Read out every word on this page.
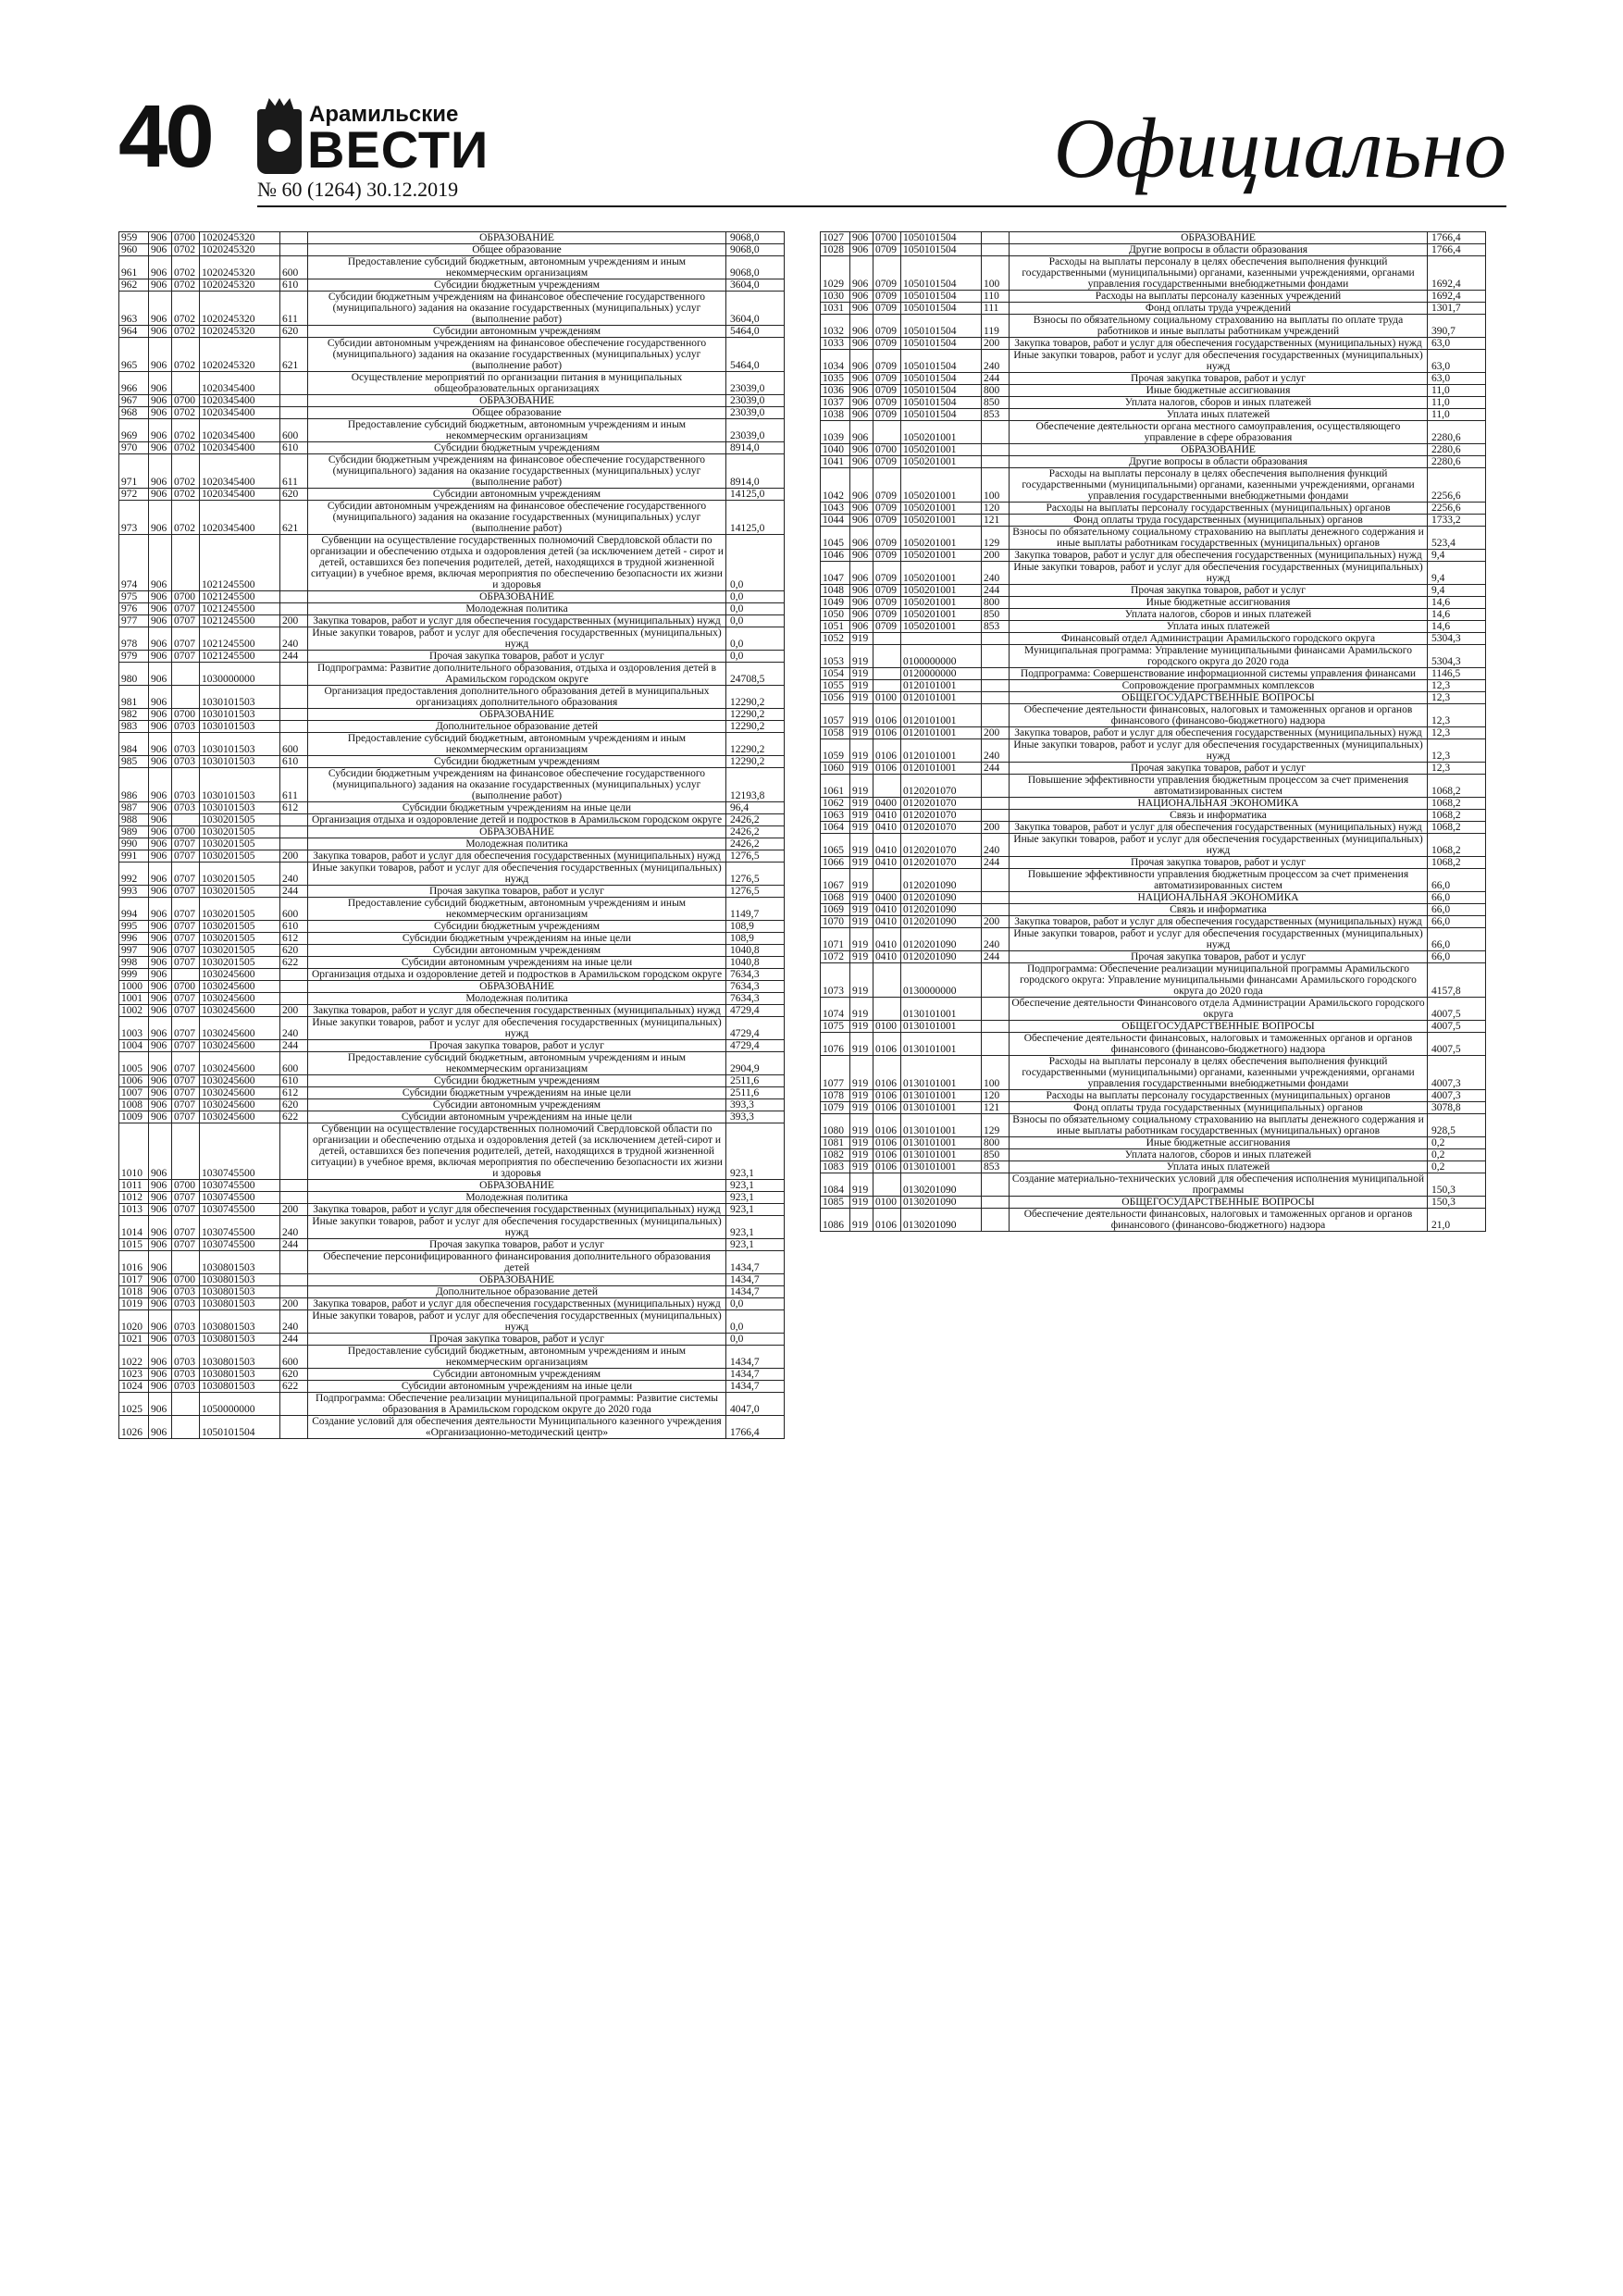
40	Арамильские
ВЕСТИ
№ 60 (1264) 30.12.2019	Официально
959	906	0700	1020245320		ОБРАЗОВАНИЕ	9068,0
960	906	0702	1020245320		Общее образование	9068,0
961	906	0702	1020245320	600	Предоставление субсидий бюджетным, автономным учреждениям и иным некоммерческим организациям	9068,0
962	906	0702	1020245320	610	Субсидии бюджетным учреждениям	3604,0
963	906	0702	1020245320	611	Субсидии бюджетным учреждениям на финансовое обеспечение государственного (муниципального) задания на оказание государственных (муниципальных) услуг (выполнение работ)	3604,0
964	906	0702	1020245320	620	Субсидии автономным учреждениям	5464,0
965	906	0702	1020245320	621	Субсидии автономным учреждениям на финансовое обеспечение государственного (муниципального) задания на оказание государственных (муниципальных) услуг (выполнение работ)	5464,0
966	906		1020345400		Осуществление мероприятий по организации питания в муниципальных общеобразовательных организациях	23039,0
967	906	0700	1020345400		ОБРАЗОВАНИЕ	23039,0
968	906	0702	1020345400		Общее образование	23039,0
969	906	0702	1020345400	600	Предоставление субсидий бюджетным, автономным учреждениям и иным некоммерческим организациям	23039,0
970	906	0702	1020345400	610	Субсидии бюджетным учреждениям	8914,0
971	906	0702	1020345400	611	Субсидии бюджетным учреждениям на финансовое обеспечение государственного (муниципального) задания на оказание государственных (муниципальных) услуг (выполнение работ)	8914,0
972	906	0702	1020345400	620	Субсидии автономным учреждениям	14125,0
973	906	0702	1020345400	621	Субсидии автономным учреждениям на финансовое обеспечение государственного (муниципального) задания на оказание государственных (муниципальных) услуг (выполнение работ)	14125,0
974	906		1021245500		Субвенции на осуществление государственных полномочий Свердловской области по организации и обеспечению отдыха и оздоровления детей (за исключением детей - сирот и детей, оставшихся без попечения родителей, детей, находящихся в трудной жизненной ситуации) в учебное время, включая мероприятия по обеспечению безопасности их жизни и здоровья	0,0
975	906	0700	1021245500		ОБРАЗОВАНИЕ	0,0
976	906	0707	1021245500		Молодежная политика	0,0
977	906	0707	1021245500	200	Закупка товаров, работ и услуг для обеспечения государственных (муниципальных) нужд	0,0
978	906	0707	1021245500	240	Иные закупки товаров, работ и услуг для обеспечения государственных (муниципальных) нужд	0,0
979	906	0707	1021245500	244	Прочая закупка товаров, работ и услуг	0,0
980	906		1030000000		Подпрограмма: Развитие дополнительного образования, отдыха и оздоровления детей в Арамильском городском округе	24708,5
981	906		1030101503		Организация предоставления дополнительного образования детей в муниципальных организациях дополнительного образования	12290,2
982	906	0700	1030101503		ОБРАЗОВАНИЕ	12290,2
983	906	0703	1030101503		Дополнительное образование детей	12290,2
984	906	0703	1030101503	600	Предоставление субсидий бюджетным, автономным учреждениям и иным некоммерческим организациям	12290,2
985	906	0703	1030101503	610	Субсидии бюджетным учреждениям	12290,2
986	906	0703	1030101503	611	Субсидии бюджетным учреждениям на финансовое обеспечение государственного (муниципального) задания на оказание государственных (муниципальных) услуг (выполнение работ)	12193,8
987	906	0703	1030101503	612	Субсидии бюджетным учреждениям на иные цели	96,4
988	906		1030201505		Организация отдыха и оздоровление детей и подростков в Арамильском городском округе	2426,2
989	906	0700	1030201505		ОБРАЗОВАНИЕ	2426,2
990	906	0707	1030201505		Молодежная политика	2426,2
991	906	0707	1030201505	200	Закупка товаров, работ и услуг для обеспечения государственных (муниципальных) нужд	1276,5
992	906	0707	1030201505	240	Иные закупки товаров, работ и услуг для обеспечения государственных (муниципальных) нужд	1276,5
993	906	0707	1030201505	244	Прочая закупка товаров, работ и услуг	1276,5
994	906	0707	1030201505	600	Предоставление субсидий бюджетным, автономным учреждениям и иным некоммерческим организациям	1149,7
995	906	0707	1030201505	610	Субсидии бюджетным учреждениям	108,9
996	906	0707	1030201505	612	Субсидии бюджетным учреждениям на иные цели	108,9
997	906	0707	1030201505	620	Субсидии автономным учреждениям	1040,8
998	906	0707	1030201505	622	Субсидии автономным учреждениям на иные цели	1040,8
999	906		1030245600		Организация отдыха и оздоровление детей и подростков в Арамильском городском округе	7634,3
1000	906	0700	1030245600		ОБРАЗОВАНИЕ	7634,3
1001	906	0707	1030245600		Молодежная политика	7634,3
1002	906	0707	1030245600	200	Закупка товаров, работ и услуг для обеспечения государственных (муниципальных) нужд	4729,4
1003	906	0707	1030245600	240	Иные закупки товаров, работ и услуг для обеспечения государственных (муниципальных) нужд	4729,4
1004	906	0707	1030245600	244	Прочая закупка товаров, работ и услуг	4729,4
1005	906	0707	1030245600	600	Предоставление субсидий бюджетным, автономным учреждениям и иным некоммерческим организациям	2904,9
1006	906	0707	1030245600	610	Субсидии бюджетным учреждениям	2511,6
1007	906	0707	1030245600	612	Субсидии бюджетным учреждениям на иные цели	2511,6
1008	906	0707	1030245600	620	Субсидии автономным учреждениям	393,3
1009	906	0707	1030245600	622	Субсидии автономным учреждениям на иные цели	393,3
1010	906		1030745500		Субвенции на осуществление государственных полномочий Свердловской области по организации и обеспечению отдыха и оздоровления детей (за исключением детей-сирот и детей, оставшихся без попечения родителей, детей, находящихся в трудной жизненной ситуации) в учебное время, включая мероприятия по обеспечению безопасности их жизни и здоровья	923,1
1011	906	0700	1030745500		ОБРАЗОВАНИЕ	923,1
1012	906	0707	1030745500		Молодежная политика	923,1
1013	906	0707	1030745500	200	Закупка товаров, работ и услуг для обеспечения государственных (муниципальных) нужд	923,1
1014	906	0707	1030745500	240	Иные закупки товаров, работ и услуг для обеспечения государственных (муниципальных) нужд	923,1
1015	906	0707	1030745500	244	Прочая закупка товаров, работ и услуг	923,1
1016	906		1030801503		Обеспечение персонифицированного финансирования дополнительного образования детей	1434,7
1017	906	0700	1030801503		ОБРАЗОВАНИЕ	1434,7
1018	906	0703	1030801503		Дополнительное образование детей	1434,7
1019	906	0703	1030801503	200	Закупка товаров, работ и услуг для обеспечения государственных (муниципальных) нужд	0,0
1020	906	0703	1030801503	240	Иные закупки товаров, работ и услуг для обеспечения государственных (муниципальных) нужд	0,0
1021	906	0703	1030801503	244	Прочая закупка товаров, работ и услуг	0,0
1022	906	0703	1030801503	600	Предоставление субсидий бюджетным, автономным учреждениям и иным некоммерческим организациям	1434,7
1023	906	0703	1030801503	620	Субсидии автономным учреждениям	1434,7
1024	906	0703	1030801503	622	Субсидии автономным учреждениям на иные цели	1434,7
1025	906		1050000000		Подпрограмма: Обеспечение реализации муниципальной программы: Развитие системы образования в Арамильском городском округе до 2020 года	4047,0
1026	906		1050101504		Создание условий для обеспечения деятельности Муниципального казенного учреждения «Организационно-методический центр»	1766,4
1027	906	0700	1050101504		ОБРАЗОВАНИЕ	1766,4
1028	906	0709	1050101504		Другие вопросы в области образования	1766,4
1029	906	0709	1050101504	100	Расходы на выплаты персоналу в целях обеспечения выполнения функций государственными (муниципальными) органами, казенными учреждениями, органами управления государственными внебюджетными фондами	1692,4
1030	906	0709	1050101504	110	Расходы на выплаты персоналу казенных учреждений	1692,4
1031	906	0709	1050101504	111	Фонд оплаты труда учреждений	1301,7
1032	906	0709	1050101504	119	Взносы по обязательному социальному страхованию на выплаты по оплате труда работников и иные выплаты работникам учреждений	390,7
1033	906	0709	1050101504	200	Закупка товаров, работ и услуг для обеспечения государственных (муниципальных) нужд	63,0
1034	906	0709	1050101504	240	Иные закупки товаров, работ и услуг для обеспечения государственных (муниципальных) нужд	63,0
1035	906	0709	1050101504	244	Прочая закупка товаров, работ и услуг	63,0
1036	906	0709	1050101504	800	Иные бюджетные ассигнования	11,0
1037	906	0709	1050101504	850	Уплата налогов, сборов и иных платежей	11,0
1038	906	0709	1050101504	853	Уплата иных платежей	11,0
1039	906		1050201001		Обеспечение деятельности органа местного самоуправления, осуществляющего управление в сфере образования	2280,6
1040	906	0700	1050201001		ОБРАЗОВАНИЕ	2280,6
1041	906	0709	1050201001		Другие вопросы в области образования	2280,6
1042	906	0709	1050201001	100	Расходы на выплаты персоналу в целях обеспечения выполнения функций государственными (муниципальными) органами, казенными учреждениями, органами управления государственными внебюджетными фондами	2256,6
1043	906	0709	1050201001	120	Расходы на выплаты персоналу государственных (муниципальных) органов	2256,6
1044	906	0709	1050201001	121	Фонд оплаты труда государственных (муниципальных) органов	1733,2
1045	906	0709	1050201001	129	Взносы по обязательному социальному страхованию на выплаты денежного содержания и иные выплаты работникам государственных (муниципальных) органов	523,4
1046	906	0709	1050201001	200	Закупка товаров, работ и услуг для обеспечения государственных (муниципальных) нужд	9,4
1047	906	0709	1050201001	240	Иные закупки товаров, работ и услуг для обеспечения государственных (муниципальных) нужд	9,4
1048	906	0709	1050201001	244	Прочая закупка товаров, работ и услуг	9,4
1049	906	0709	1050201001	800	Иные бюджетные ассигнования	14,6
1050	906	0709	1050201001	850	Уплата налогов, сборов и иных платежей	14,6
1051	906	0709	1050201001	853	Уплата иных платежей	14,6
1052	919				Финансовый отдел Администрации Арамильского городского округа	5304,3
1053	919		0100000000		Муниципальная программа: Управление муниципальными финансами Арамильского городского округа до 2020 года	5304,3
1054	919		0120000000		Подпрограмма: Совершенствование информационной системы управления финансами	1146,5
1055	919		0120101001		Сопровождение программных комплексов	12,3
1056	919	0100	0120101001		ОБЩЕГОСУДАРСТВЕННЫЕ ВОПРОСЫ	12,3
1057	919	0106	0120101001		Обеспечение деятельности финансовых, налоговых и таможенных органов и органов финансового (финансово-бюджетного) надзора	12,3
1058	919	0106	0120101001	200	Закупка товаров, работ и услуг для обеспечения государственных (муниципальных) нужд	12,3
1059	919	0106	0120101001	240	Иные закупки товаров, работ и услуг для обеспечения государственных (муниципальных) нужд	12,3
1060	919	0106	0120101001	244	Прочая закупка товаров, работ и услуг	12,3
1061	919		0120201070		Повышение эффективности управления бюджетным процессом за счет применения автоматизированных систем	1068,2
1062	919	0400	0120201070		НАЦИОНАЛЬНАЯ ЭКОНОМИКА	1068,2
1063	919	0410	0120201070		Связь и информатика	1068,2
1064	919	0410	0120201070	200	Закупка товаров, работ и услуг для обеспечения государственных (муниципальных) нужд	1068,2
1065	919	0410	0120201070	240	Иные закупки товаров, работ и услуг для обеспечения государственных (муниципальных) нужд	1068,2
1066	919	0410	0120201070	244	Прочая закупка товаров, работ и услуг	1068,2
1067	919		0120201090		Повышение эффективности управления бюджетным процессом за счет применения автоматизированных систем	66,0
1068	919	0400	0120201090		НАЦИОНАЛЬНАЯ ЭКОНОМИКА	66,0
1069	919	0410	0120201090		Связь и информатика	66,0
1070	919	0410	0120201090	200	Закупка товаров, работ и услуг для обеспечения государственных (муниципальных) нужд	66,0
1071	919	0410	0120201090	240	Иные закупки товаров, работ и услуг для обеспечения государственных (муниципальных) нужд	66,0
1072	919	0410	0120201090	244	Прочая закупка товаров, работ и услуг	66,0
1073	919		0130000000		Подпрограмма: Обеспечение реализации муниципальной программы Арамильского городского округа: Управление муниципальными финансами Арамильского городского округа до 2020 года	4157,8
1074	919		0130101001		Обеспечение деятельности Финансового отдела Администрации Арамильского городского округа	4007,5
1075	919	0100	0130101001		ОБЩЕГОСУДАРСТВЕННЫЕ ВОПРОСЫ	4007,5
1076	919	0106	0130101001		Обеспечение деятельности финансовых, налоговых и таможенных органов и органов финансового (финансово-бюджетного) надзора	4007,5
1077	919	0106	0130101001	100	Расходы на выплаты персоналу в целях обеспечения выполнения функций государственными (муниципальными) органами, казенными учреждениями, органами управления государственными внебюджетными фондами	4007,3
1078	919	0106	0130101001	120	Расходы на выплаты персоналу государственных (муниципальных) органов	4007,3
1079	919	0106	0130101001	121	Фонд оплаты труда государственных (муниципальных) органов	3078,8
1080	919	0106	0130101001	129	Взносы по обязательному социальному страхованию на выплаты денежного содержания и иные выплаты работникам государственных (муниципальных) органов	928,5
1081	919	0106	0130101001	800	Иные бюджетные ассигнования	0,2
1082	919	0106	0130101001	850	Уплата налогов, сборов и иных платежей	0,2
1083	919	0106	0130101001	853	Уплата иных платежей	0,2
1084	919		0130201090		Создание материально-технических условий для обеспечения исполнения муниципальной программы	150,3
1085	919	0100	0130201090		ОБЩЕГОСУДАРСТВЕННЫЕ ВОПРОСЫ	150,3
1086	919	0106	0130201090		Обеспечение деятельности финансовых, налоговых и таможенных органов и органов финансового (финансово-бюджетного) надзора	21,0
